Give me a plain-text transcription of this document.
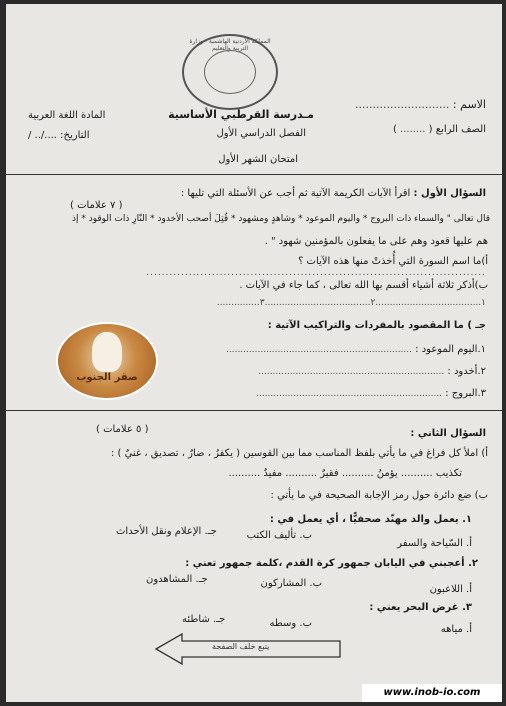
المملكة الأردنية الهاشمية - وزارة التربية والتعليم
الاسم : ...........................
الصف الرابع ( ........ )
مـدرسة القرطبي الأساسية
الفصل الدراسي الأول
امتحان الشهر الأول
المادة اللغة العربية
التاريخ: ..../.. /
السؤال الأول : اقرأ الآيات الكريمة الآتية ثم أجب عن الأسئلة التي تليها :
( ٧ علامات )
قال تعالى " والسماء ذات البروج * واليوم الموعود * وشاهدٍ ومشهود * قُتِلَ أصحب الأخدود * النّارِ ذات الوقود * إذ
هم عليها قعود وهم على ما يفعلون بالمؤمنين شهود " .
أ)ما اسم السورة التي أُخذتْ منها هذه الآيات ؟
........................................................................................
ب)أذكر ثلاثة أشياء أقسم بها الله تعالى ، كما جاء في الآيات .
١.....................................٢.....................................٣...............
جـ ) ما المقصود بالمفردات والتراكيب الآتية :
١.اليوم الموعود : .................................................................
٢.أخدود : .................................................................
٣.البروج : .................................................................
صقر الجنوب
السؤال الثاني :
( ٥ علامات )
أ) املأ كل فراغ في ما يأتي بلفظ المناسب مما بين القوسين ( يكفرُ ، ضارٌ ، تصديق ، غنيٌ ) :
تكذيب .......... يؤمنُ .......... فقيرٌ .......... مفيدٌ ..........
ب) ضع دائرة حول رمز الإجابة الصحيحة في ما يأتي :
١. يعمل والد مهنّد صحفيًّا ، أي يعمل في :
أ. السّياحة والسفر
ب. تأليف الكتب
جـ. الإعلام ونقل الأحداث
٢. أعجبني في اليابان جمهور كرة القدم ،كلمة جمهور تعني :
أ. اللاعبون
ب. المشاركون
جـ. المشاهدون
٣. غرض البحر يعني :
أ. مياهه
ب. وسطه
جـ. شاطئه
يتبع خلف الصفحة
www.inob-io.com
